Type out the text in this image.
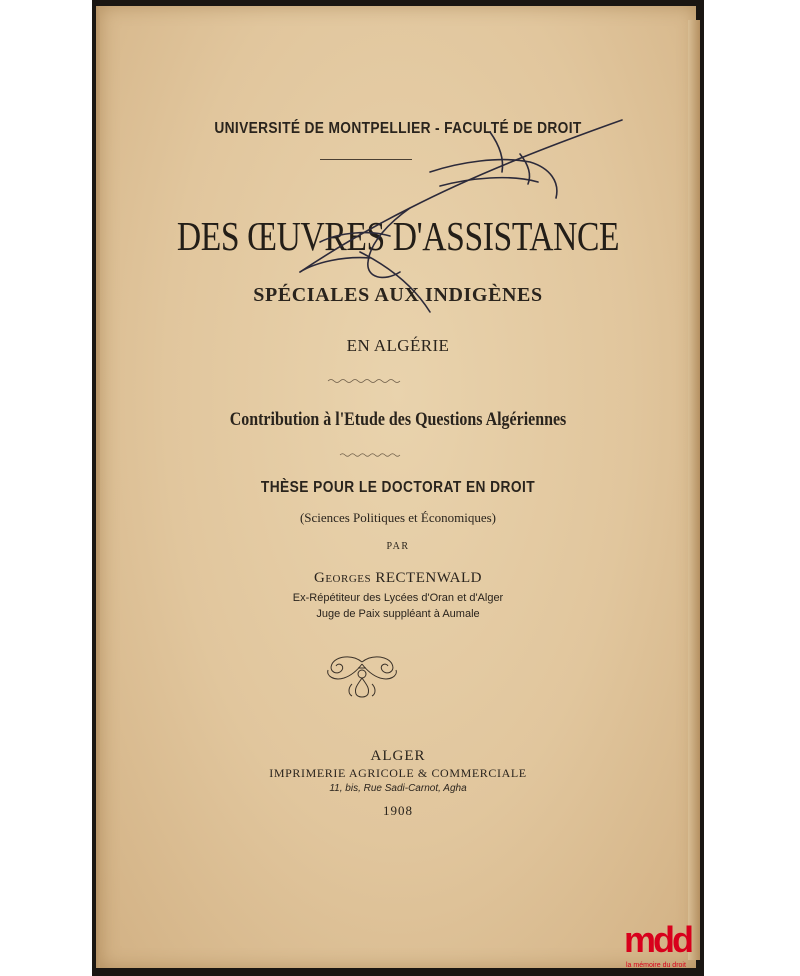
UNIVERSITÉ DE MONTPELLIER - FACULTÉ DE DROIT
DES ŒUVRES D'ASSISTANCE
SPÉCIALES AUX INDIGÈNES
EN ALGÉRIE
Contribution à l'Etude des Questions Algériennes
THÈSE POUR LE DOCTORAT EN DROIT
(Sciences Politiques et Économiques)
PAR
Georges RECTENWALD
Ex-Répétiteur des Lycées d'Oran et d'Alger
Juge de Paix suppléant à Aumale
ALGER
IMPRIMERIE AGRICOLE & COMMERCIALE
11, bis, Rue Sadi-Carnot, Agha
1908
mdd
la mémoire du droit
